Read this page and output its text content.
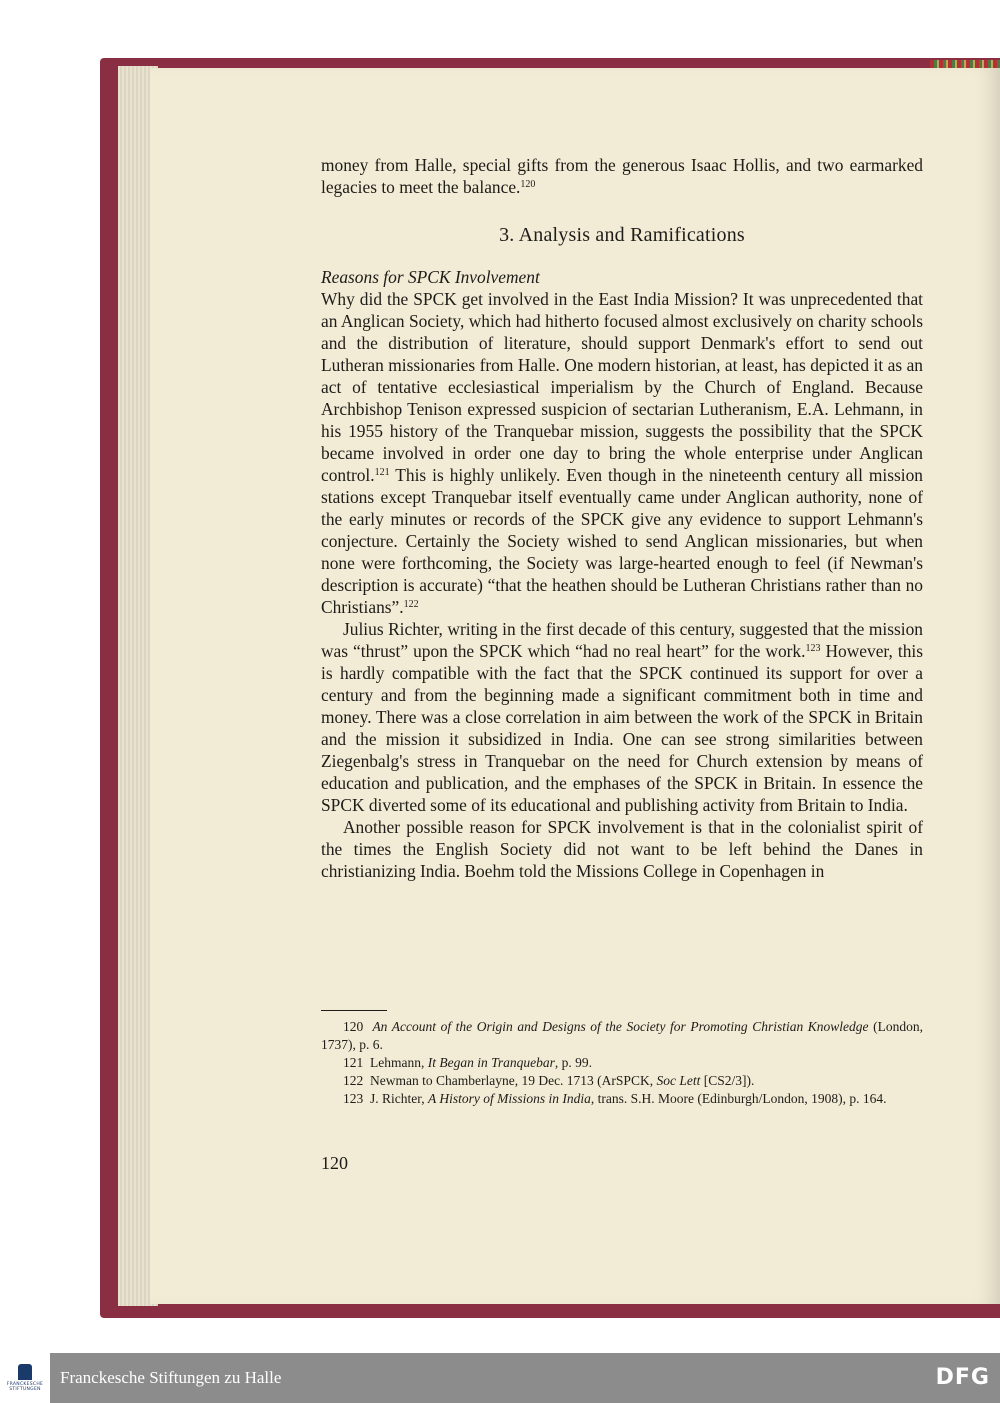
money from Halle, special gifts from the generous Isaac Hollis, and two earmarked legacies to meet the balance.$^{120}$

3. Analysis and Ramifications

Reasons for SPCK Involvement

Why did the SPCK get involved in the East India Mission? It was unprecedented that an Anglican Society, which had hitherto focused almost exclusively on charity schools and the distribution of literature, should support Denmark's effort to send out Lutheran missionaries from Halle. One modern historian, at least, has depicted it as an act of tentative ecclesiastical imperialism by the Church of England. Because Archbishop Tenison expressed suspicion of sectarian Lutheranism, E.A. Lehmann, in his 1955 history of the Tranquebar mission, suggests the possibility that the SPCK became involved in order one day to bring the whole enterprise under Anglican control.$^{121}$ This is highly unlikely. Even though in the nineteenth century all mission stations except Tranquebar itself eventually came under Anglican authority, none of the early minutes or records of the SPCK give any evidence to support Lehmann's conjecture. Certainly the Society wished to send Anglican missionaries, but when none were forthcoming, the Society was large-hearted enough to feel (if Newman's description is accurate) “that the heathen should be Lutheran Christians rather than no Christians”.$^{122}$

Julius Richter, writing in the first decade of this century, suggested that the mission was “thrust” upon the SPCK which “had no real heart” for the work.$^{123}$ However, this is hardly compatible with the fact that the SPCK continued its support for over a century and from the beginning made a significant commitment both in time and money. There was a close correlation in aim between the work of the SPCK in Britain and the mission it subsidized in India. One can see strong similarities between Ziegenbalg's stress in Tranquebar on the need for Church extension by means of education and publication, and the emphases of the SPCK in Britain. In essence the SPCK diverted some of its educational and publishing activity from Britain to India.

Another possible reason for SPCK involvement is that in the colonialist spirit of the times the English Society did not want to be left behind the Danes in christianizing India. Boehm told the Missions College in Copenhagen in

120 An Account of the Origin and Designs of the Society for Promoting Christian Knowledge (London, 1737), p. 6.

121 Lehmann, It Began in Tranquebar, p. 99.

122 Newman to Chamberlayne, 19 Dec. 1713 (ArSPCK, Soc Lett [CS2/3]).

123 J. Richter, A History of Missions in India, trans. S.H. Moore (Edinburgh/London, 1908), p. 164.

120
FRANCKESCHE
STIFTUNGEN
Franckesche Stiftungen zu Halle	DFG
